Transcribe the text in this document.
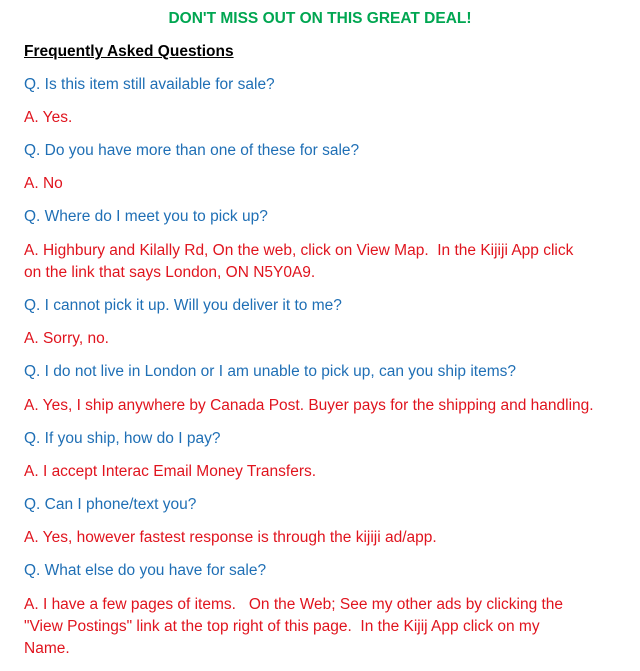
DON'T MISS OUT ON THIS GREAT DEAL!
Frequently Asked Questions
Q. Is this item still available for sale?
A. Yes.
Q. Do you have more than one of these for sale?
A. No
Q. Where do I meet you to pick up?
A. Highbury and Kilally Rd, On the web, click on View Map.  In the Kijiji App click
on the link that says London, ON N5Y0A9.
Q. I cannot pick it up. Will you deliver it to me?
A. Sorry, no.
Q. I do not live in London or I am unable to pick up, can you ship items?
A. Yes, I ship anywhere by Canada Post. Buyer pays for the shipping and handling.
Q. If you ship, how do I pay?
A. I accept Interac Email Money Transfers.
Q. Can I phone/text you?
A. Yes, however fastest response is through the kijiji ad/app.
Q. What else do you have for sale?
A. I have a few pages of items.   On the Web; See my other ads by clicking the
"View Postings" link at the top right of this page.  In the Kijij App click on my
Name.
